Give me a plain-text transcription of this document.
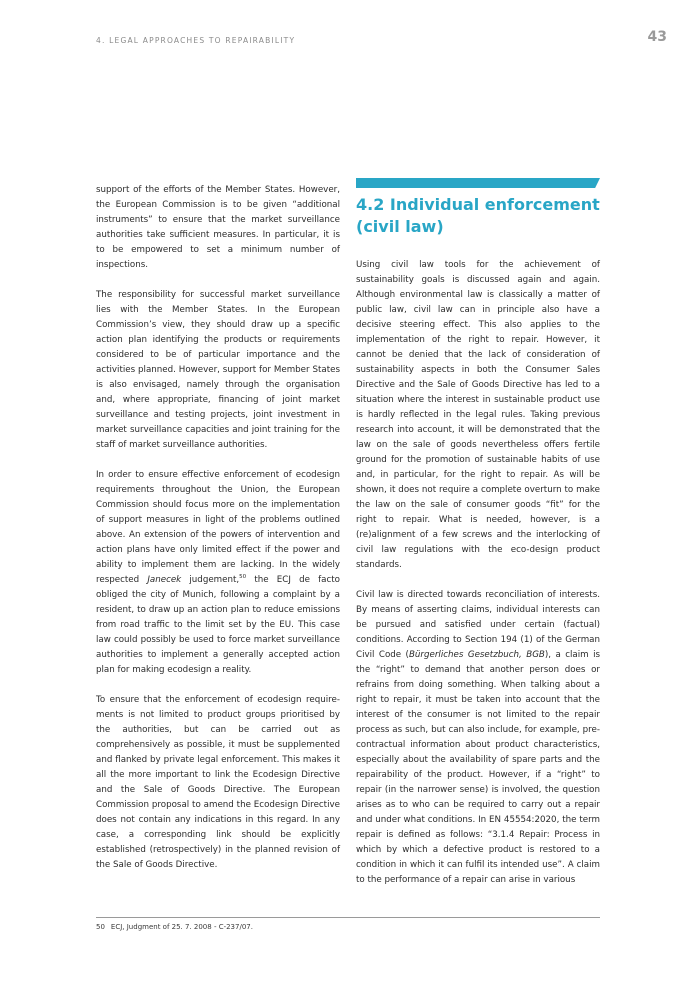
4. LEGAL APPROACHES TO REPAIRABILITY	43

support of the efforts of the Member States. However, the European Commission is to be given “additional instruments” to ensure that the market surveillance authorities take sufficient measures. In particular, it is to be empowered to set a minimum number of inspections.

The responsibility for successful market surveillance lies with the Member States. In the European Commission’s view, they should draw up a specific action plan identifying the products or requirements considered to be of particular importance and the activities planned. However, support for Member States is also envisaged, namely through the organisation and, where appropriate, financing of joint market surveillance and testing projects, joint investment in market surveillance capacities and joint training for the staff of market surveillance authorities.

In order to ensure effective enforcement of ecodesign requirements throughout the Union, the European Commission should focus more on the implementation of support measures in light of the problems outlined above. An extension of the powers of intervention and action plans have only limited effect if the power and ability to implement them are lacking. In the widely respected Janecek judgement,$^{50}$ the ECJ de facto obliged the city of Munich, following a complaint by a resident, to draw up an action plan to reduce emissions from road traffic to the limit set by the EU. This case law could possibly be used to force market surveillance authorities to implement a generally accepted action plan for making ecodesign a reality.

To ensure that the enforcement of ecodesign require-ments is not limited to product groups prioritised by the authorities, but can be carried out as comprehensively as possible, it must be supplemented and flanked by private legal enforcement. This makes it all the more important to link the Ecodesign Directive and the Sale of Goods Directive. The European Commission proposal to amend the Ecodesign Directive does not contain any indications in this regard. In any case, a corresponding link should be explicitly established (retrospectively) in the planned revision of the Sale of Goods Directive.

4.2 Individual enforcement (civil law)

Using civil law tools for the achievement of sustainability goals is discussed again and again. Although environmental law is classically a matter of public law, civil law can in principle also have a decisive steering effect. This also applies to the implementation of the right to repair. However, it cannot be denied that the lack of consideration of sustainability aspects in both the Consumer Sales Directive and the Sale of Goods Directive has led to a situation where the interest in sustainable product use is hardly reflected in the legal rules. Taking previous research into account, it will be demonstrated that the law on the sale of goods nevertheless offers fertile ground for the promotion of sustainable habits of use and, in particular, for the right to repair. As will be shown, it does not require a complete overturn to make the law on the sale of consumer goods “fit” for the right to repair. What is needed, however, is a (re)alignment of a few screws and the interlocking of civil law regulations with the eco-design product standards.

Civil law is directed towards reconciliation of interests. By means of asserting claims, individual interests can be pursued and satisfied under certain (factual) conditions. According to Section 194 (1) of the German Civil Code (Bürgerliches Gesetzbuch, BGB), a claim is the “right” to demand that another person does or refrains from doing something. When talking about a right to repair, it must be taken into account that the interest of the consumer is not limited to the repair process as such, but can also include, for example, pre-contractual information about product characteristics, especially about the availability of spare parts and the repairability of the product. However, if a “right” to repair (in the narrower sense) is involved, the question arises as to who can be required to carry out a repair and under what conditions. In EN 45554:2020, the term repair is defined as follows: “3.1.4 Repair: Process in which by which a defective product is restored to a condition in which it can fulfil its intended use”. A claim to the performance of a repair can arise in various

50 ECJ, Judgment of 25. 7. 2008 - C-237/07.
